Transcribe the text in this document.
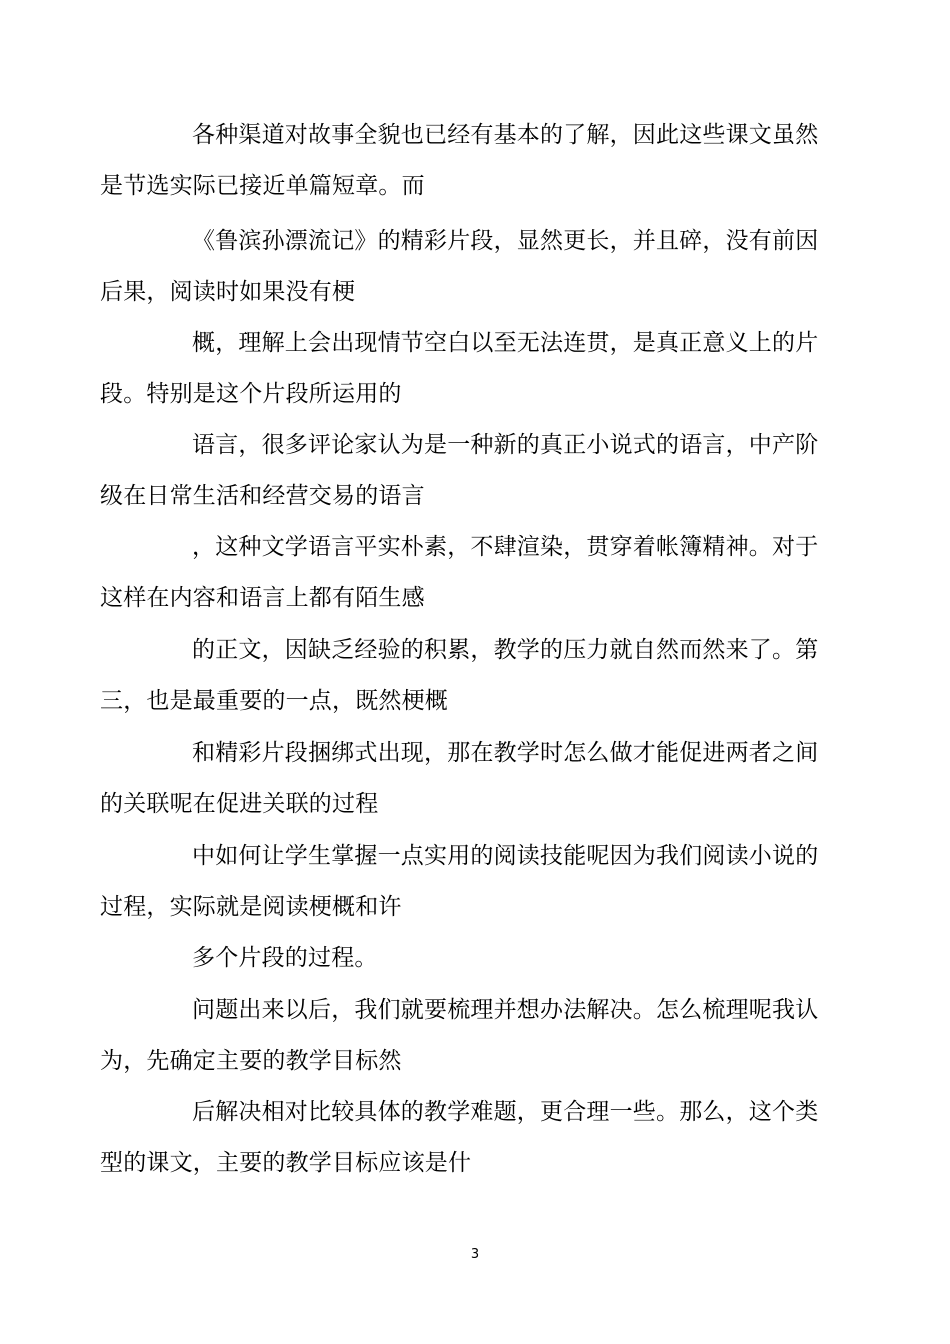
各种渠道对故事全貌也已经有基本的了解，因此这些课文虽然
是节选实际已接近单篇短章。而

《鲁滨孙漂流记》的精彩片段，显然更长，并且碎，没有前因
后果，阅读时如果没有梗

概，理解上会出现情节空白以至无法连贯，是真正意义上的片
段。特别是这个片段所运用的

语言，很多评论家认为是一种新的真正小说式的语言，中产阶
级在日常生活和经营交易的语言

，这种文学语言平实朴素，不肆渲染，贯穿着帐簿精神。对于
这样在内容和语言上都有陌生感

的正文，因缺乏经验的积累，教学的压力就自然而然来了。第
三，也是最重要的一点，既然梗概

和精彩片段捆绑式出现，那在教学时怎么做才能促进两者之间
的关联呢在促进关联的过程

中如何让学生掌握一点实用的阅读技能呢因为我们阅读小说的
过程，实际就是阅读梗概和许

多个片段的过程。

问题出来以后，我们就要梳理并想办法解决。怎么梳理呢我认
为，先确定主要的教学目标然

后解决相对比较具体的教学难题，更合理一些。那么，这个类
型的课文，主要的教学目标应该是什

3
